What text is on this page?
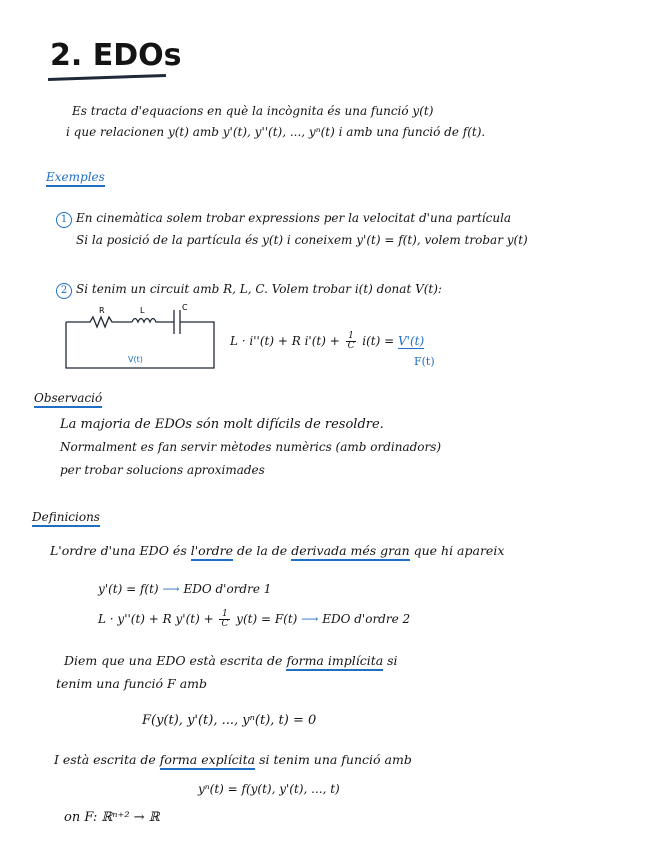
2. EDOs
Es tracta d'equacions en què la incògnita és una funció y(t)
i que relacionen y(t) amb y'(t), y''(t), ..., yⁿ(t) i amb una funció de f(t).
Exemples
1 En cinemàtica solem trobar expressions per la velocitat d'una partícula
Si la posició de la partícula és y(t) i coneixem y'(t) = f(t), volem trobar y(t)
2 Si tenim un circuit amb R, L, C. Volem trobar i(t) donat V(t):
R	L	C
V(t)
L · i''(t) + R $i'(t) + \frac{1}{C} i(t) = V'(t)$
F(t)
Observació
La majoria de EDOs són molt difícils de resoldre.
Normalment es fan servir mètodes numèrics (amb ordinadors)
per trobar solucions aproximades
Definicions
L'ordre d'una EDO és l'ordre de la de derivada més gran que hi apareix
y'(t) = f(t) ⟶ EDO d'ordre 1
L · y''(t) + R $y'(t) + \frac{1}{C} y(t) = F(t)$ ⟶ EDO d'ordre 2
Diem que una EDO està escrita de forma implícita si
tenim una funció F amb
F(y(t), y'(t), ..., yⁿ(t), t) = 0
I està escrita de forma explícita si tenim una funció amb
yⁿ(t) = f(y(t), y'(t), ..., t)
on F: ℝⁿ⁺² → ℝ
